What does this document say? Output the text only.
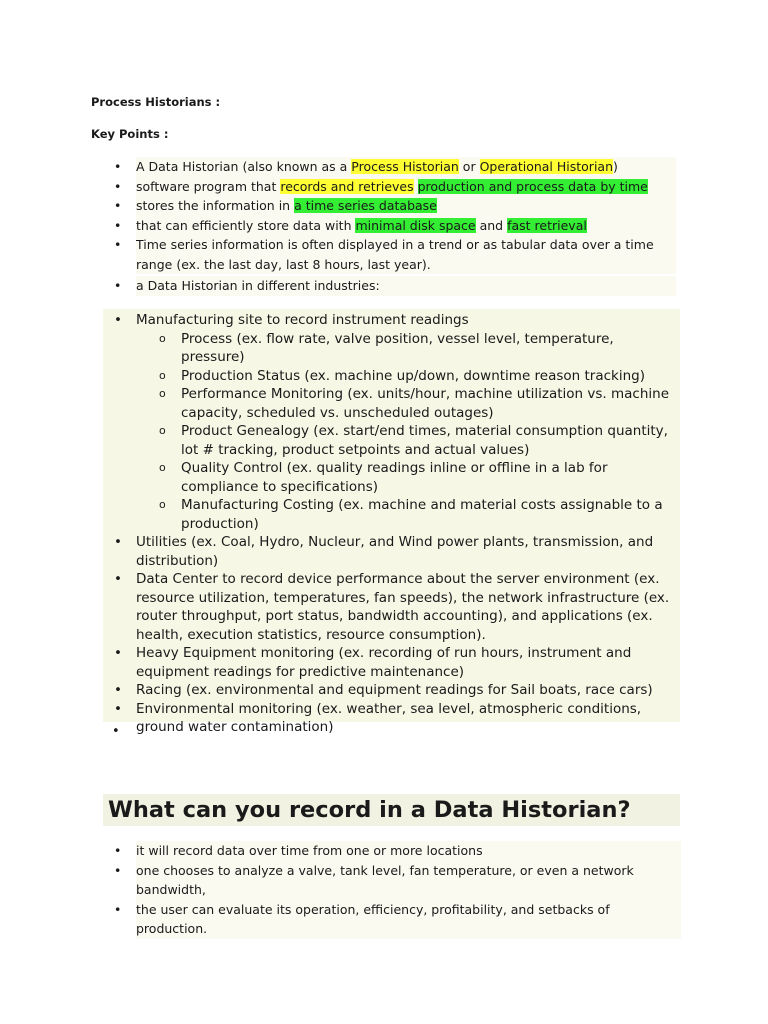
Process Historians :
Key Points :
• A Data Historian (also known as a Process Historian or Operational Historian)
• software program that records and retrieves production and process data by time
• stores the information in a time series database
• that can efficiently store data with minimal disk space and fast retrieval
• Time series information is often displayed in a trend or as tabular data over a time range (ex. the last day, last 8 hours, last year).
• a Data Historian in different industries:
• Manufacturing site to record instrument readings
o Process (ex. flow rate, valve position, vessel level, temperature, pressure)
o Production Status (ex. machine up/down, downtime reason tracking)
o Performance Monitoring (ex. units/hour, machine utilization vs. machine capacity, scheduled vs. unscheduled outages)
o Product Genealogy (ex. start/end times, material consumption quantity, lot # tracking, product setpoints and actual values)
o Quality Control (ex. quality readings inline or offline in a lab for compliance to specifications)
o Manufacturing Costing (ex. machine and material costs assignable to a production)
• Utilities (ex. Coal, Hydro, Nucleur, and Wind power plants, transmission, and distribution)
• Data Center to record device performance about the server environment (ex. resource utilization, temperatures, fan speeds), the network infrastructure (ex. router throughput, port status, bandwidth accounting), and applications (ex. health, execution statistics, resource consumption).
• Heavy Equipment monitoring (ex. recording of run hours, instrument and equipment readings for predictive maintenance)
• Racing (ex. environmental and equipment readings for Sail boats, race cars)
• Environmental monitoring (ex. weather, sea level, atmospheric conditions, ground water contamination)
•
What can you record in a Data Historian?
• it will record data over time from one or more locations
• one chooses to analyze a valve, tank level, fan temperature, or even a network bandwidth,
• the user can evaluate its operation, efficiency, profitability, and setbacks of production.
